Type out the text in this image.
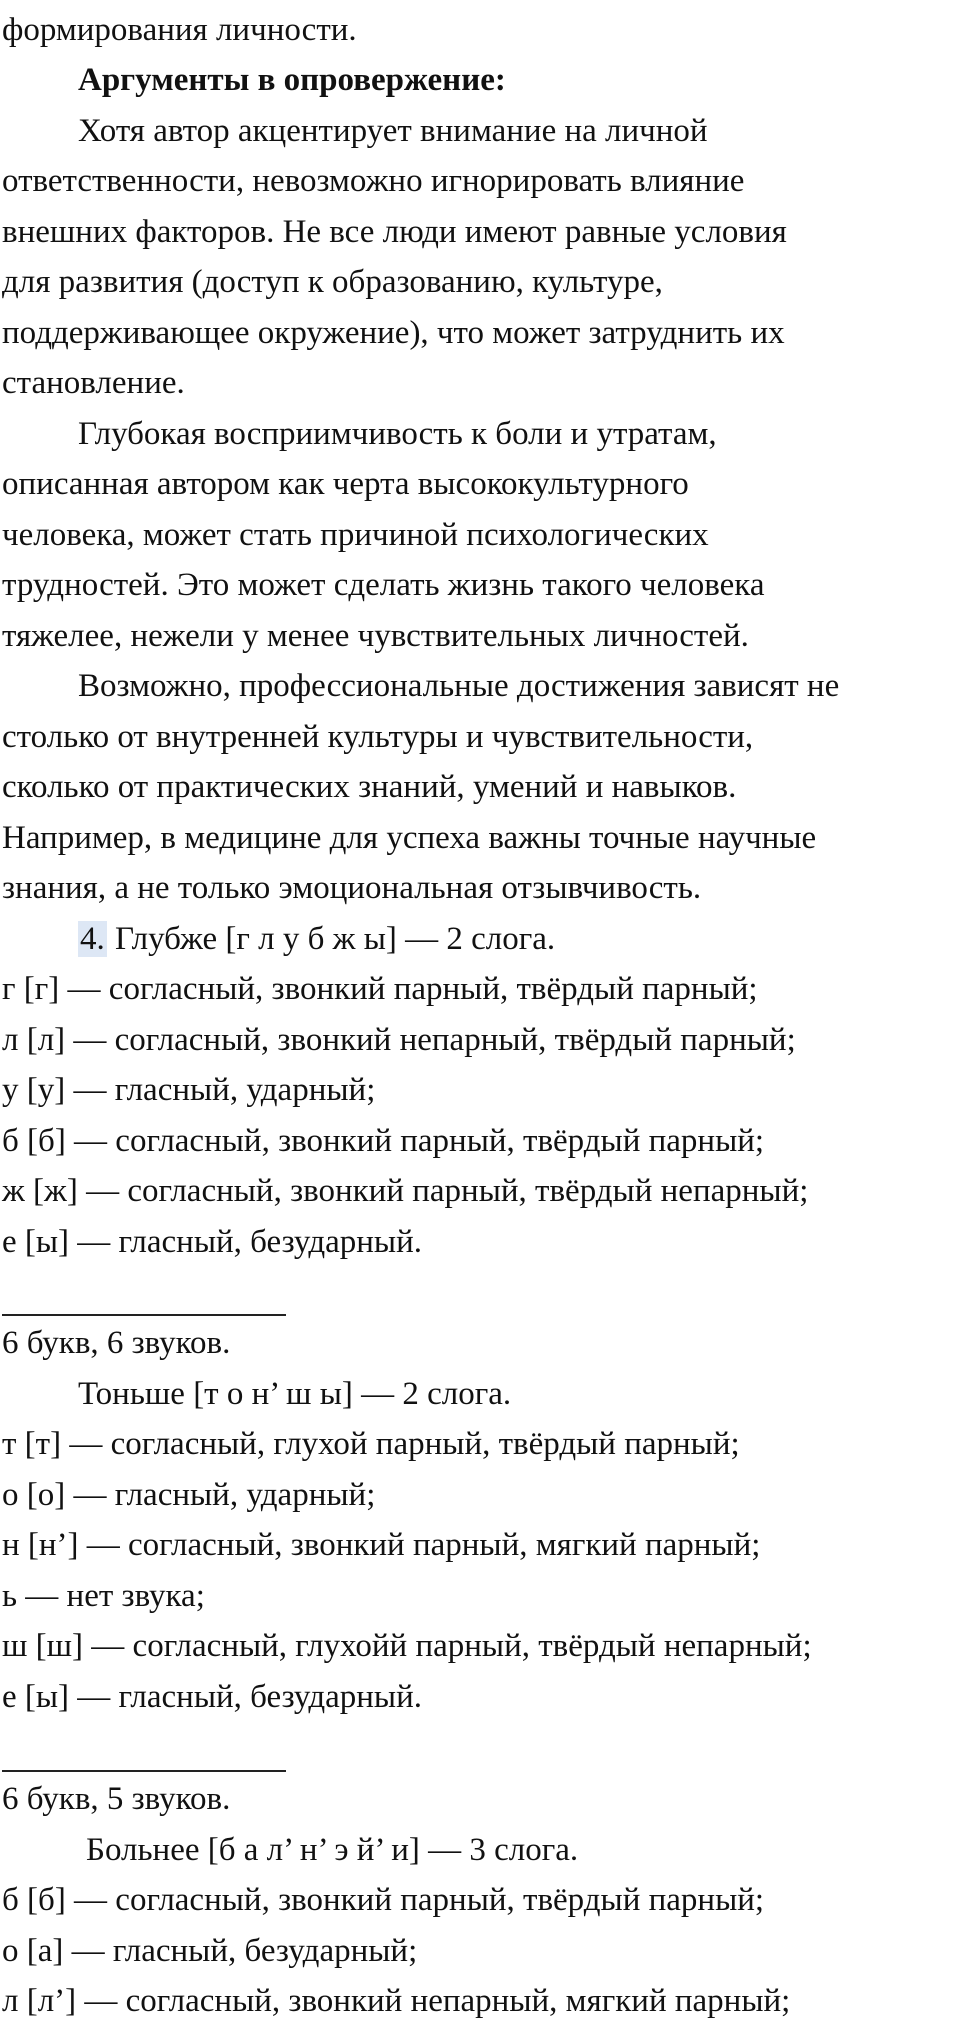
формирования личности.
Аргументы в опровержение:
Хотя автор акцентирует внимание на личной
ответственности, невозможно игнорировать влияние
внешних факторов. Не все люди имеют равные условия
для развития (доступ к образованию, культуре,
поддерживающее окружение), что может затруднить их
становление.
Глубокая восприимчивость к боли и утратам,
описанная автором как черта высококультурного
человека, может стать причиной психологических
трудностей. Это может сделать жизнь такого человека
тяжелее, нежели у менее чувствительных личностей.
Возможно, профессиональные достижения зависят не
столько от внутренней культуры и чувствительности,
сколько от практических знаний, умений и навыков.
Например, в медицине для успеха важны точные научные
знания, а не только эмоциональная отзывчивость.
4. Глубже [г л у б ж ы] — 2 слога.
г [г] — согласный, звонкий парный, твёрдый парный;
л [л] — согласный, звонкий непарный, твёрдый парный;
у [у] — гласный, ударный;
б [б] — согласный, звонкий парный, твёрдый парный;
ж [ж] — согласный, звонкий парный, твёрдый непарный;
е [ы] — гласный, безударный.
6 букв, 6 звуков.
Тоньше [т о н’ ш ы] — 2 слога.
т [т] — согласный, глухой парный, твёрдый парный;
о [о] — гласный, ударный;
н [н’] — согласный, звонкий парный, мягкий парный;
ь — нет звука;
ш [ш] — согласный, глухойй парный, твёрдый непарный;
е [ы] — гласный, безударный.
6 букв, 5 звуков.
Больнее [б а л’ н’ э й’ и] — 3 слога.
б [б] — согласный, звонкий парный, твёрдый парный;
о [а] — гласный, безударный;
л [л’] — согласный, звонкий непарный, мягкий парный;
